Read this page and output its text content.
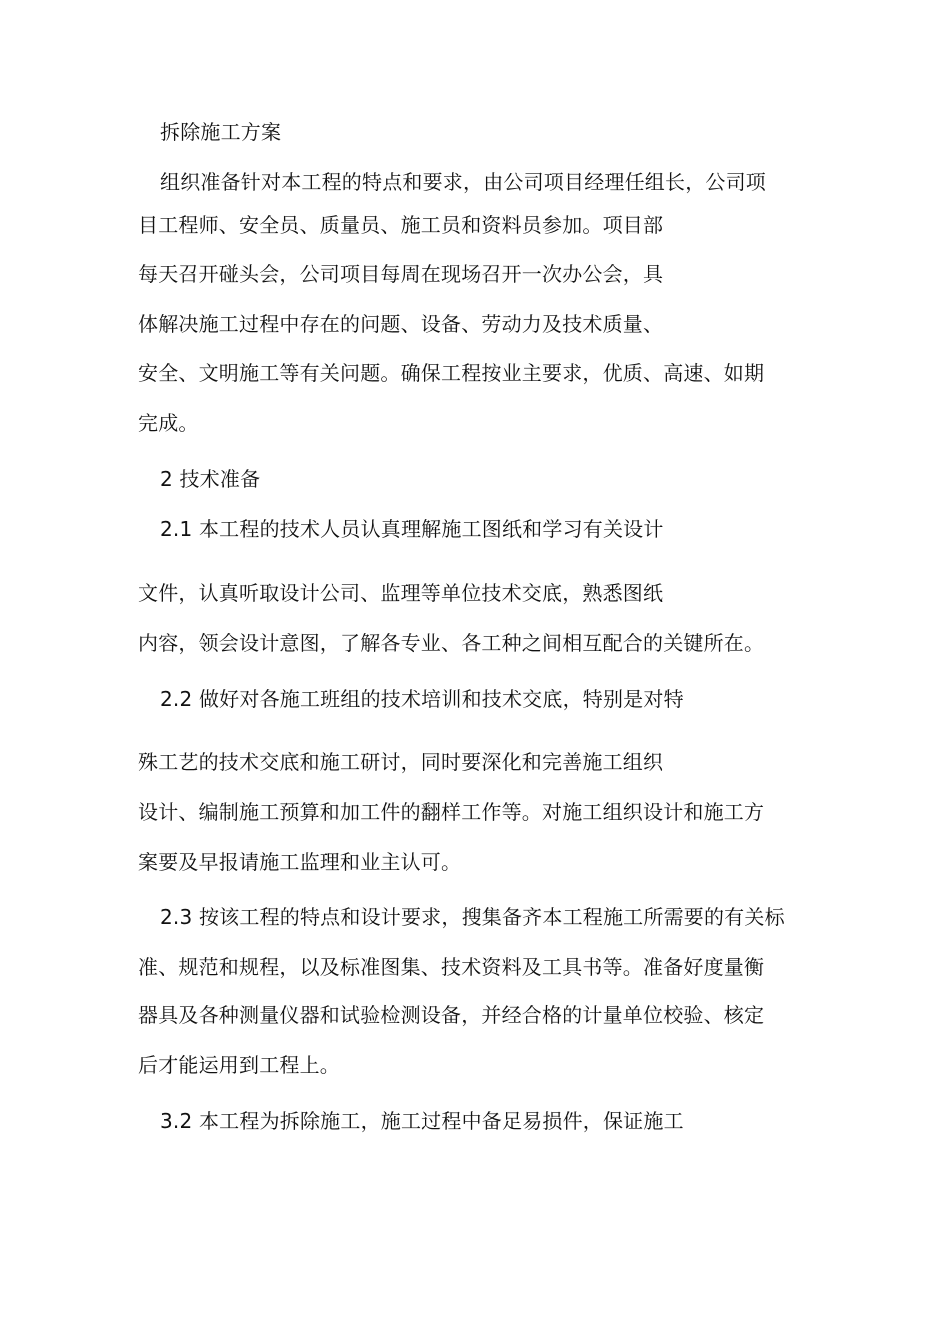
拆除施工方案
组织准备针对本工程的特点和要求，由公司项目经理任组长，公司项
目工程师、安全员、质量员、施工员和资料员参加。项目部
每天召开碰头会，公司项目每周在现场召开一次办公会，具
体解决施工过程中存在的问题、设备、劳动力及技术质量、
安全、文明施工等有关问题。确保工程按业主要求，优质、高速、如期
完成。
2 技术准备
2.1 本工程的技术人员认真理解施工图纸和学习有关设计
文件，认真听取设计公司、监理等单位技术交底，熟悉图纸
内容，领会设计意图，了解各专业、各工种之间相互配合的关键所在。
2.2 做好对各施工班组的技术培训和技术交底，特别是对特
殊工艺的技术交底和施工研讨，同时要深化和完善施工组织
设计、编制施工预算和加工件的翻样工作等。对施工组织设计和施工方
案要及早报请施工监理和业主认可。
2.3 按该工程的特点和设计要求，搜集备齐本工程施工所需要的有关标
准、规范和规程，以及标准图集、技术资料及工具书等。准备好度量衡
器具及各种测量仪器和试验检测设备，并经合格的计量单位校验、核定
后才能运用到工程上。
3.2 本工程为拆除施工，施工过程中备足易损件，保证施工
